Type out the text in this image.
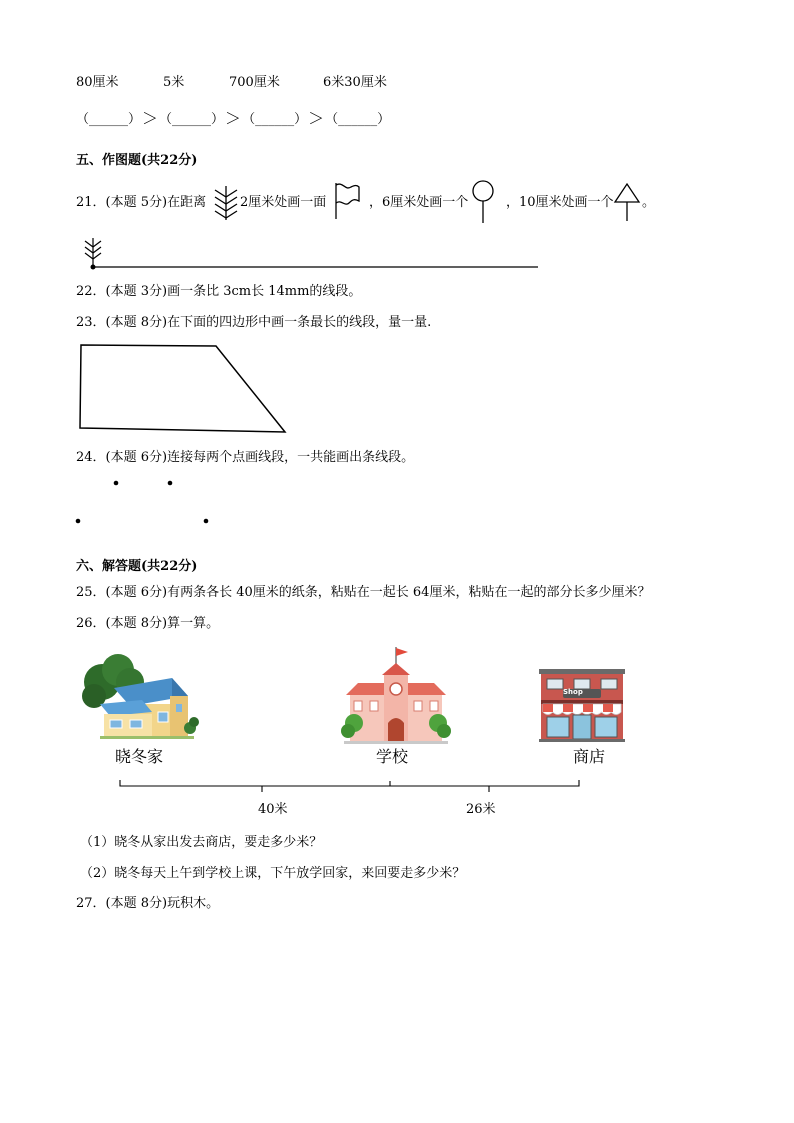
80厘米	5米	700厘米	6米30厘米
（______） ＞ （______） ＞ （______） ＞ （______）
五、作图题(共22分)
21．(本题 5分)在距离	2厘米处画一面	，6厘米处画一个	，10厘米处画一个 。
22．(本题 3分)画一条比 3cm长 14mm的线段。
23．(本题 8分)在下面的四边形中画一条最长的线段，量一量.
24．(本题 6分)连接每两个点画线段，一共能画出条线段。
六、解答题(共22分)
25．(本题 6分)有两条各长 40厘米的纸条，粘贴在一起长 64厘米，粘贴在一起的部分长多少厘米？
26．(本题 8分)算一算。
Shop
晓冬家	学校	商店
40米	26米
（1）晓冬从家出发去商店，要走多少米？
（2）晓冬每天上午到学校上课，下午放学回家，来回要走多少米？
27．(本题 8分)玩积木。
